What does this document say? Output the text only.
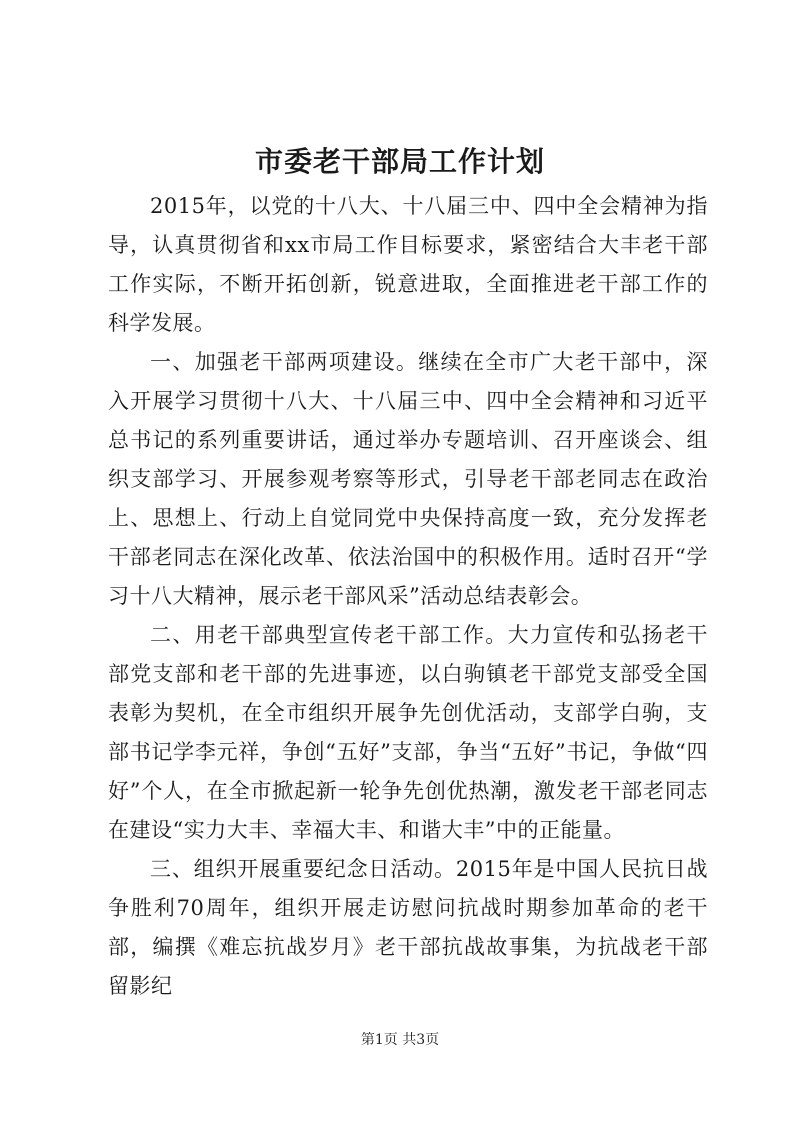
市委老干部局工作计划

2015年，以党的十八大、十八届三中、四中全会精神为指导，认真贯彻省和xx市局工作目标要求，紧密结合大丰老干部工作实际，不断开拓创新，锐意进取，全面推进老干部工作的科学发展。

一、加强老干部两项建设。继续在全市广大老干部中，深入开展学习贯彻十八大、十八届三中、四中全会精神和习近平总书记的系列重要讲话，通过举办专题培训、召开座谈会、组织支部学习、开展参观考察等形式，引导老干部老同志在政治上、思想上、行动上自觉同党中央保持高度一致，充分发挥老干部老同志在深化改革、依法治国中的积极作用。适时召开“学习十八大精神，展示老干部风采”活动总结表彰会。

二、用老干部典型宣传老干部工作。大力宣传和弘扬老干部党支部和老干部的先进事迹，以白驹镇老干部党支部受全国表彰为契机，在全市组织开展争先创优活动，支部学白驹，支部书记学李元祥，争创“五好”支部，争当“五好”书记，争做“四好”个人，在全市掀起新一轮争先创优热潮，激发老干部老同志在建设“实力大丰、幸福大丰、和谐大丰”中的正能量。

三、组织开展重要纪念日活动。2015年是中国人民抗日战争胜利70周年，组织开展走访慰问抗战时期参加革命的老干部，编撰《难忘抗战岁月》老干部抗战故事集，为抗战老干部留影纪

第1页 共3页
